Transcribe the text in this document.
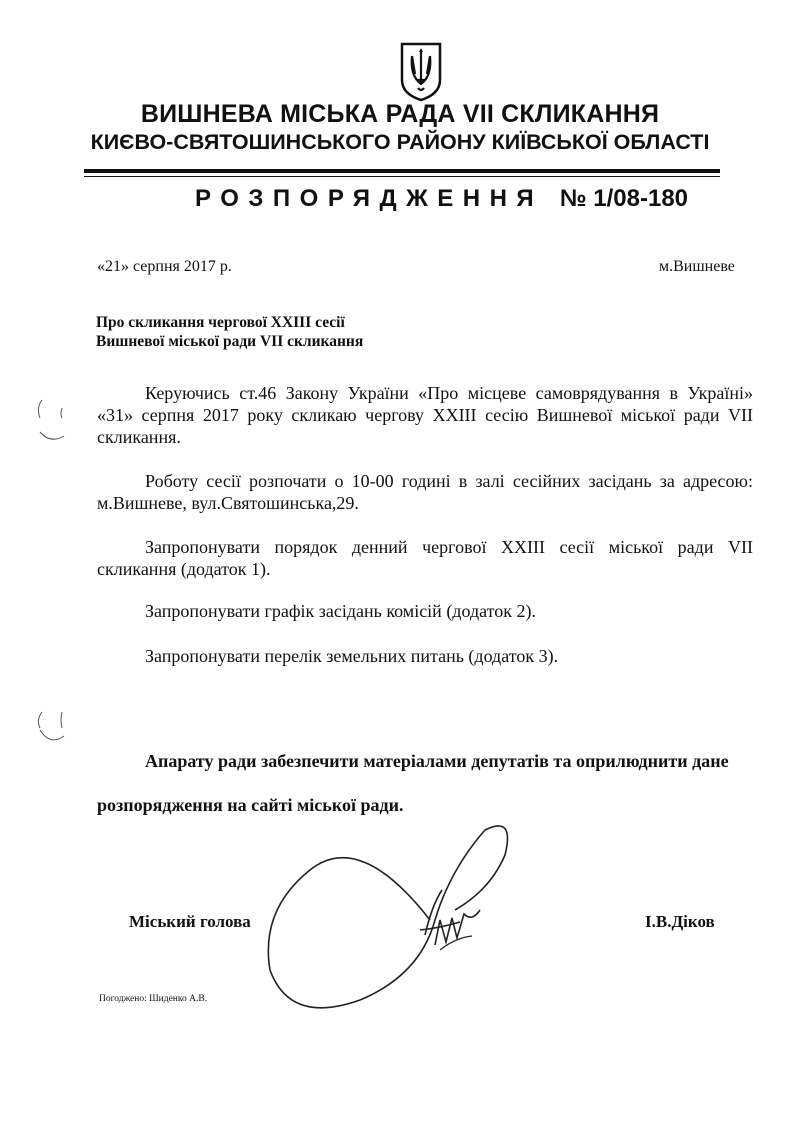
ВИШНЕВА МІСЬКА РАДА VII СКЛИКАННЯ
КИЄВО-СВЯТОШИНСЬКОГО РАЙОНУ КИЇВСЬКОЇ ОБЛАСТІ
РОЗПОРЯДЖЕННЯ № 1/08-180
«21» серпня 2017 р.	м.Вишневе
Про скликання чергової XXIII сесії
Вишневої міської ради VII скликання
Керуючись ст.46 Закону України «Про місцеве самоврядування в Україні» «31» серпня 2017 року скликаю чергову XXIII сесію Вишневої міської ради VII скликання.
Роботу сесії розпочати о 10-00 годині в залі сесійних засідань за адресою: м.Вишневе, вул.Святошинська,29.
Запропонувати порядок денний чергової XXIII сесії міської ради VII скликання (додаток 1).
Запропонувати графік засідань комісій (додаток 2).
Запропонувати перелік земельних питань (додаток 3).
Апарату ради забезпечити матеріалами депутатів та оприлюднити дане
розпорядження на сайті міської ради.
Міський голова	І.В.Діков
Погоджено: Шиденко А.В.
